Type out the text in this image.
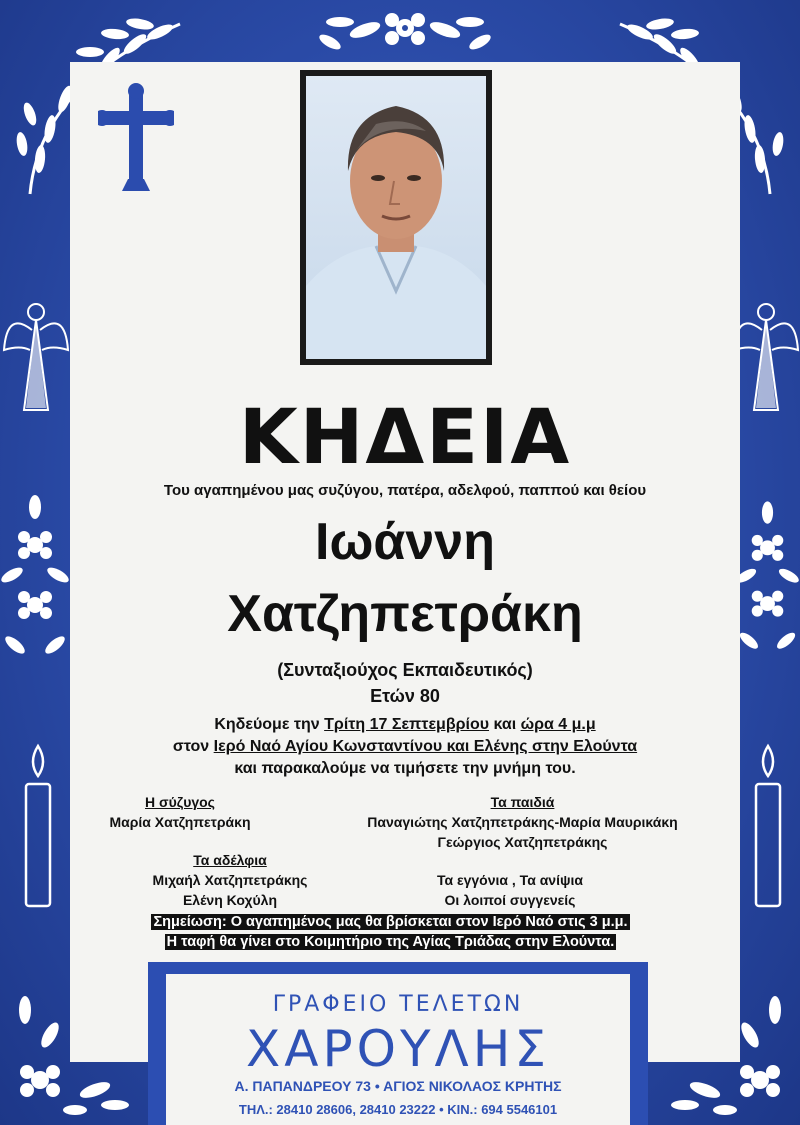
ΚΗΔΕΙΑ
Του αγαπημένου μας συζύγου, πατέρα, αδελφού, παππού και θείου
Ιωάννη
Χατζηπετράκη
(Συνταξιούχος Εκπαιδευτικός)
Ετών 80
Κηδεύομε την Τρίτη 17 Σεπτεμβρίου και ώρα 4 μ.μ
στον Ιερό Ναό Αγίου Κωνσταντίνου και Ελένης στην Ελούντα
και παρακαλούμε να τιμήσετε την μνήμη του.
Η σύζυγος
Μαρία Χατζηπετράκη
Τα παιδιά
Παναγιώτης Χατζηπετράκης-Μαρία Μαυρικάκη
Γεώργιος Χατζηπετράκης
Τα αδέλφια
Μιχαήλ Χατζηπετράκης
Ελένη Κοχύλη
Τα εγγόνια , Τα ανίψια
Οι λοιποί συγγενείς
Σημείωση: Ο αγαπημένος μας θα βρίσκεται στον Ιερό Ναό στις 3 μ.μ.
Η ταφή θα γίνει στο Κοιμητήριο της Αγίας Τριάδας στην Ελούντα.
ΓΡΑΦΕΙΟ ΤΕΛΕΤΩΝ
ΧΑΡΟΥΛΗΣ
Α. ΠΑΠΑΝΔΡΕΟΥ 73 • ΑΓΙΟΣ ΝΙΚΟΛΑΟΣ ΚΡΗΤΗΣ
ΤΗΛ.: 28410 28606, 28410 23222 • ΚΙΝ.: 694 5546101
